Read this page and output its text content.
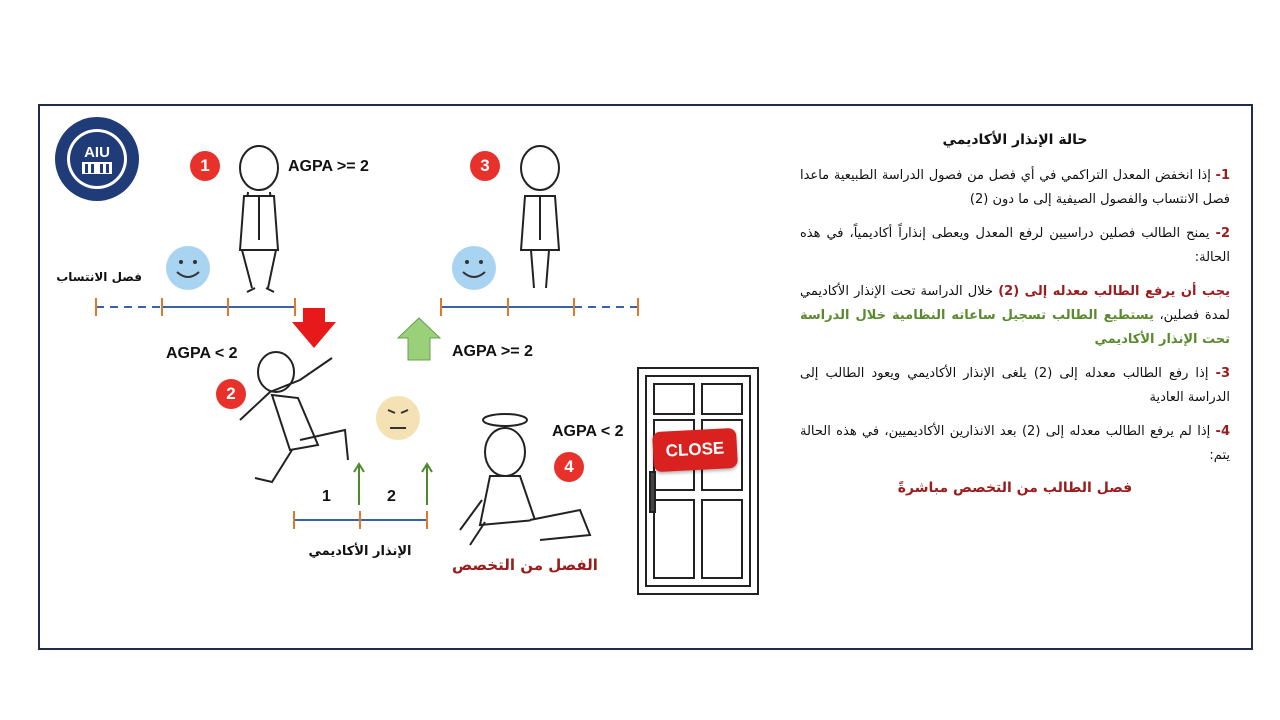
AIU
CLOSE
1
2
3
4
AGPA >= 2
AGPA < 2	AGPA >= 2
AGPA < 2
1	2
فصل الانتساب
الإنذار الأكاديمي
الفصل من التخصص
حالة الإنذار الأكاديمي

1- إذا انخفض المعدل التراكمي في أي فصل من فصول الدراسة الطبيعية ماعدا فصل الانتساب والفصول الصيفية إلى ما دون (2)

2- يمنح الطالب فصلين دراسيين لرفع المعدل ويعطى إنذاراً أكاديمياً، في هذه الحالة:

يجب أن يرفع الطالب معدله إلى (2) خلال الدراسة تحت الإنذار الأكاديمي لمدة فصلين، يستطيع الطالب تسجيل ساعاته النظامية خلال الدراسة تحت الإنذار الأكاديمي

3- إذا رفع الطالب معدله إلى (2) يلغى الإنذار الأكاديمي ويعود الطالب إلى الدراسة العادية

4- إذا لم يرفع الطالب معدله إلى (2) بعد الانذارين الأكاديميين، في هذه الحالة يتم:

فصل الطالب من التخصص مباشرةً
